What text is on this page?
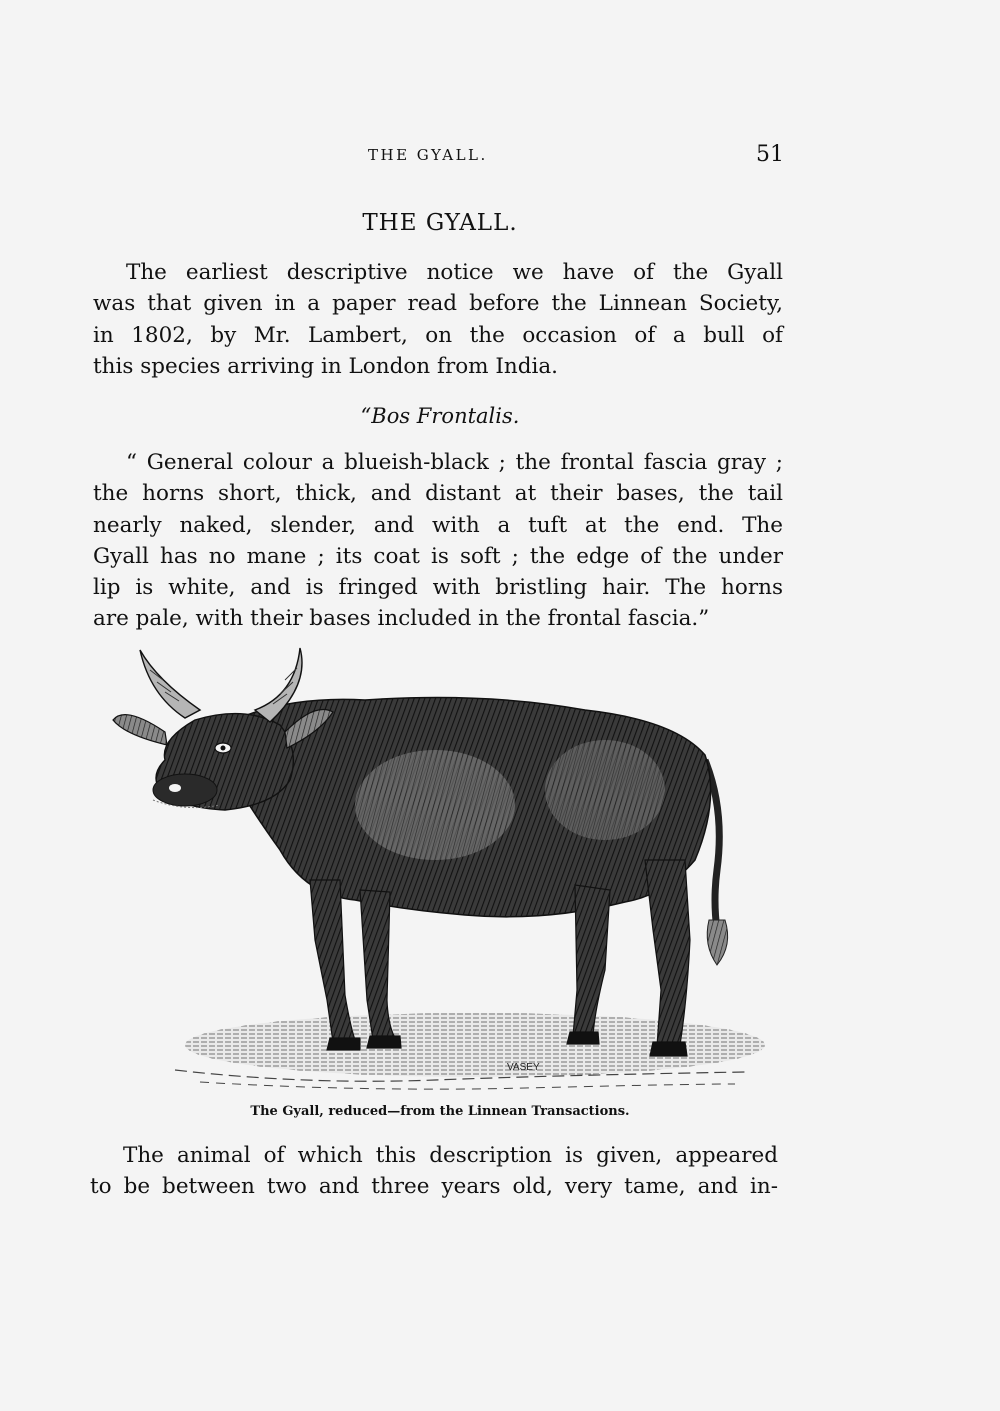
THE GYALL.	51
THE GYALL.

The earliest descriptive notice we have of the Gyall
was that given in a paper read before the Linnean Society,
in 1802, by Mr. Lambert, on the occasion of a bull of
this species arriving in London from India.

“Bos Frontalis.

“ General colour a blueish-black ; the frontal fascia gray ;
the horns short, thick, and distant at their bases, the tail
nearly naked, slender, and with a tuft at the end. The
Gyall has no mane ; its coat is soft ; the edge of the under
lip is white, and is fringed with bristling hair. The horns
are pale, with their bases included in the frontal fascia.”

VASEY
The Gyall, reduced—from the Linnean Transactions.

The animal of which this description is given, appeared
to be between two and three years old, very tame, and in-
